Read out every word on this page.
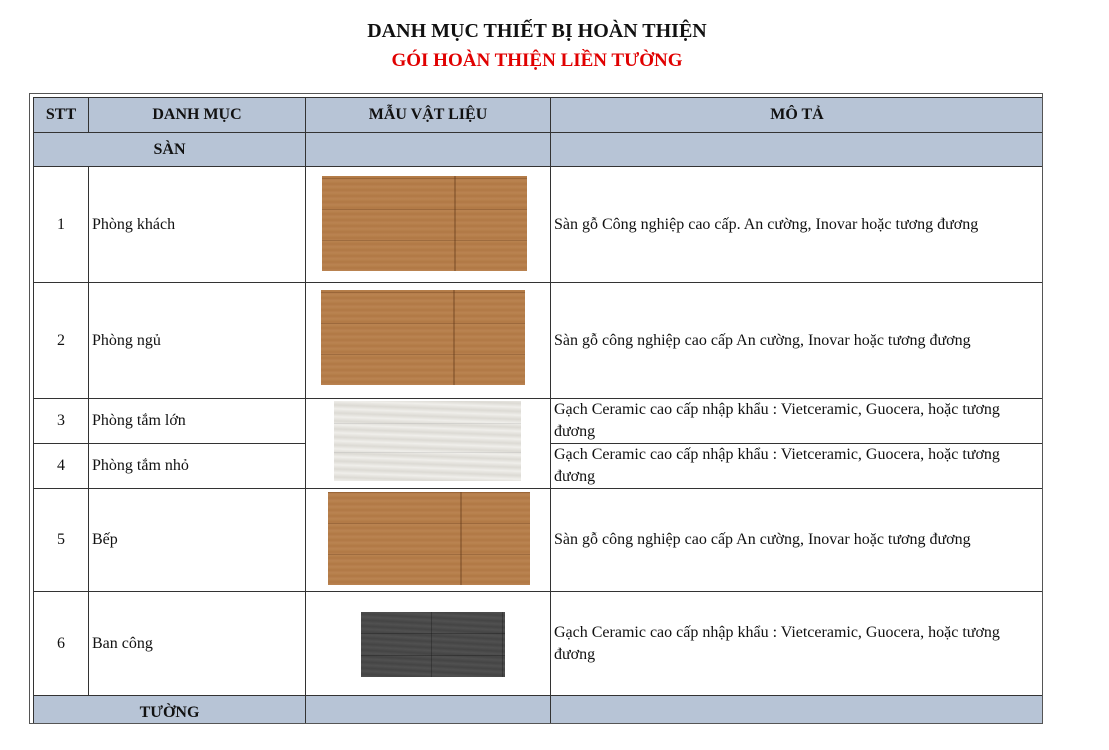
DANH MỤC THIẾT BỊ HOÀN THIỆN
GÓI HOÀN THIỆN LIỀN TƯỜNG
STT	DANH MỤC	MẪU VẬT LIỆU	MÔ TẢ
SÀN			
1	Phòng khách		Sàn gỗ Công nghiệp cao cấp. An cường, Inovar hoặc tương đương
2	Phòng ngủ		Sàn gỗ công nghiệp cao cấp An cường, Inovar hoặc tương đương
3	Phòng tắm lớn		Gạch Ceramic cao cấp nhập khẩu : Vietceramic, Guocera, hoặc tương đương
4	Phòng tắm nhỏ		Gạch Ceramic cao cấp nhập khẩu : Vietceramic, Guocera, hoặc tương đương
5	Bếp		Sàn gỗ công nghiệp cao cấp An cường, Inovar hoặc tương đương
6	Ban công		Gạch Ceramic cao cấp nhập khẩu : Vietceramic, Guocera, hoặc tương đương
TƯỜNG			
